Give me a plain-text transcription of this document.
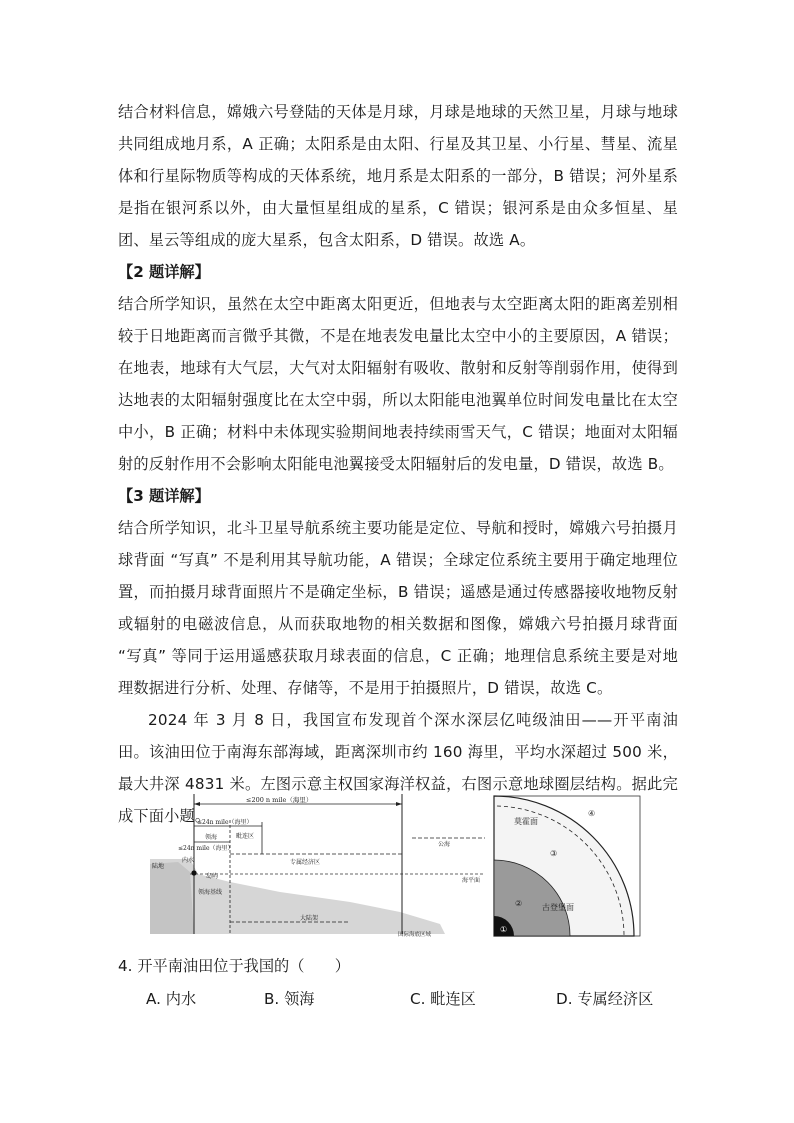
结合材料信息，嫦娥六号登陆的天体是月球，月球是地球的天然卫星，月球与地球共同组成地月系，A 正确；太阳系是由太阳、行星及其卫星、小行星、彗星、流星体和行星际物质等构成的天体系统，地月系是太阳系的一部分，B 错误；河外星系是指在银河系以外，由大量恒星组成的星系，C 错误；银河系是由众多恒星、星团、星云等组成的庞大星系，包含太阳系，D 错误。故选 A。

【2 题详解】

结合所学知识，虽然在太空中距离太阳更近，但地表与太空距离太阳的距离差别相较于日地距离而言微乎其微，不是在地表发电量比太空中小的主要原因，A 错误；在地表，地球有大气层，大气对太阳辐射有吸收、散射和反射等削弱作用，使得到达地表的太阳辐射强度比在太空中弱，所以太阳能电池翼单位时间发电量比在太空中小，B 正确；材料中未体现实验期间地表持续雨雪天气，C 错误；地面对太阳辐射的反射作用不会影响太阳能电池翼接受太阳辐射后的发电量，D 错误，故选 B。

【3 题详解】

结合所学知识，北斗卫星导航系统主要功能是定位、导航和授时，嫦娥六号拍摄月球背面 “写真” 不是利用其导航功能，A 错误；全球定位系统主要用于确定地理位置，而拍摄月球背面照片不是确定坐标，B 错误；遥感是通过传感器接收地物反射或辐射的电磁波信息，从而获取地物的相关数据和图像，嫦娥六号拍摄月球背面 “写真” 等同于运用遥感获取月球表面的信息，C 正确；地理信息系统主要是对地理数据进行分析、处理、存储等，不是用于拍摄照片，D 错误，故选 C。

2024 年 3 月 8 日，我国宣布发现首个深水深层亿吨级油田——开平南油田。该油田位于南海东部海域，距离深圳市约 160 海里，平均水深超过 500 米，最大井深 4831 米。左图示意主权国家海洋权益，右图示意地球圈层结构。据此完成下面小题。

≤200 n mile（海里）
≤24n mile（海里）
领海	毗连区
≤24n mile（海里）
专属经济区
公海
海平面
陆地
内水
岛屿
领海基线
大陆架
国际海底区域
莫霍面
古登堡面
④
③
②
①

4. 开平南油田位于我国的（　　）

A. 内水	B. 领海	C. 毗连区	D. 专属经济区
